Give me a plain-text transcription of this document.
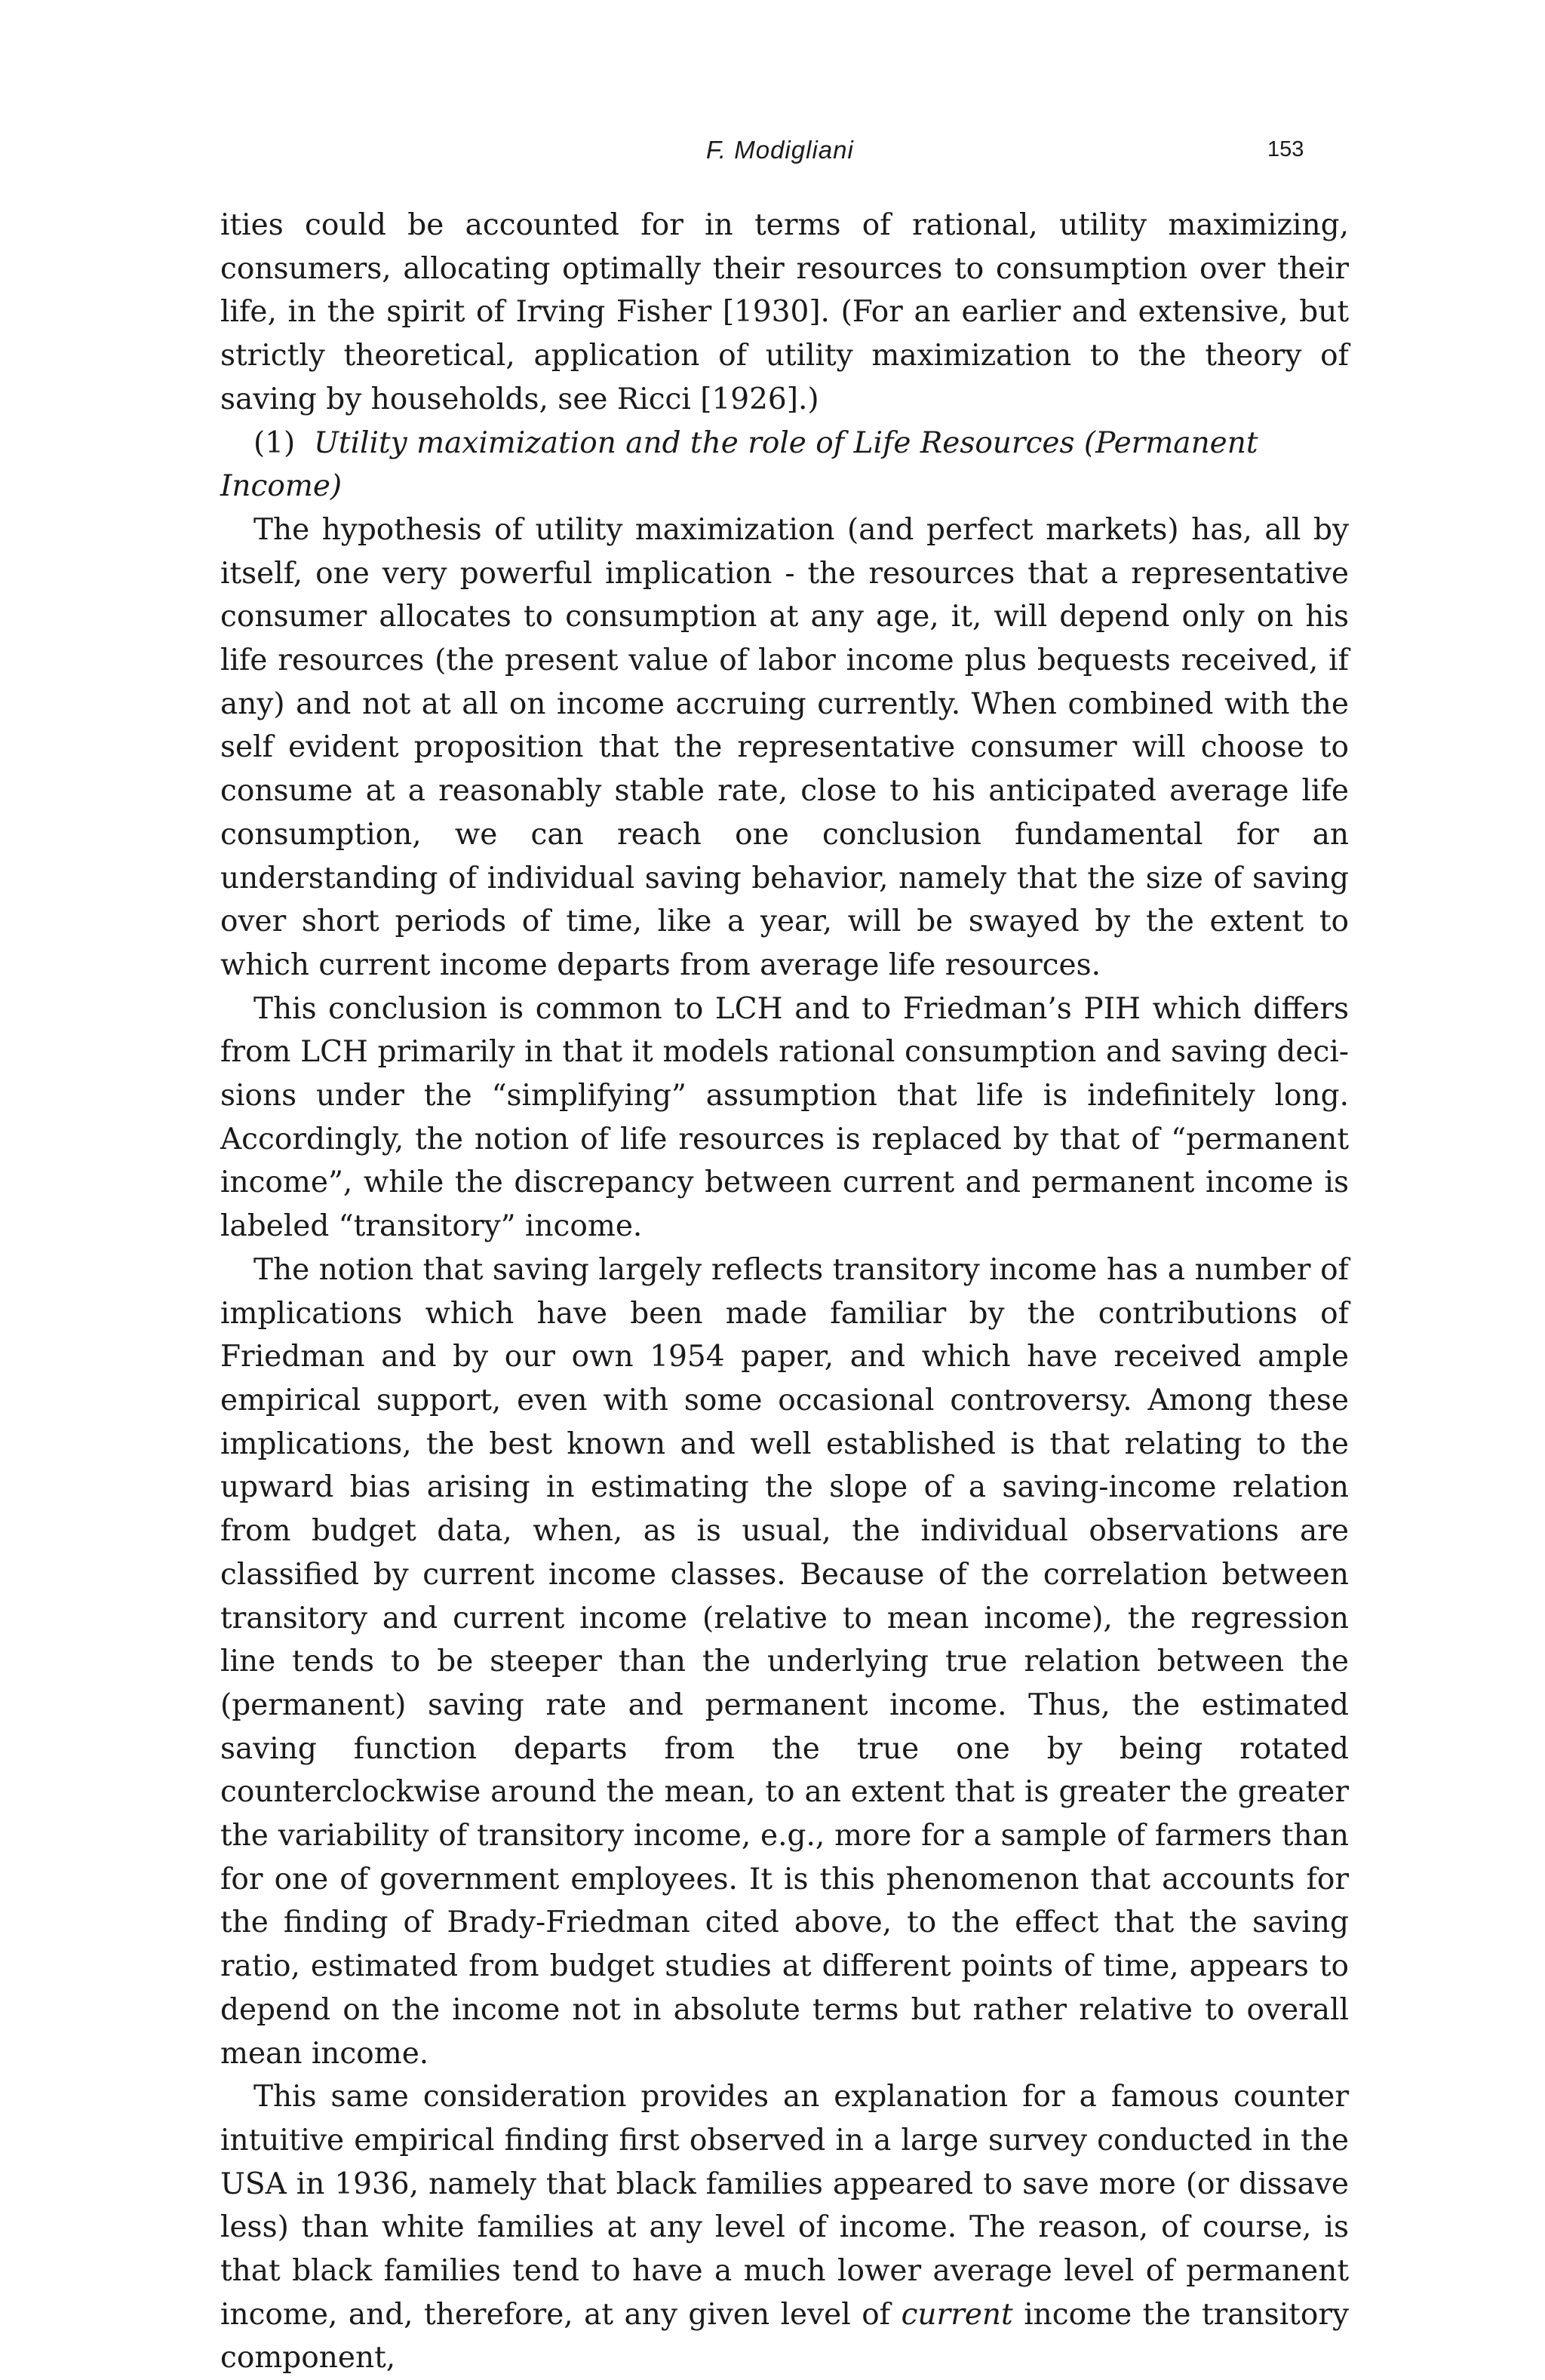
F. Modigliani	153

ities could be accounted for in terms of rational, utility maximizing, consumers, allocating optimally their resources to consumption over their life, in the spirit of Irving Fisher [1930]. (For an earlier and extensive, but strictly theoretical, application of utility maximization to the theory of saving by households, see Ricci [1926].)

(1) Utility maximization and the role of Life Resources (Permanent Income)

The hypothesis of utility maximization (and perfect markets) has, all by itself, one very powerful implication - the resources that a representative consumer allocates to consumption at any age, it, will depend only on his life resources (the present value of labor income plus bequests received, if any) and not at all on income accruing currently. When combined with the self evident proposition that the representative consumer will choose to consume at a reasonably stable rate, close to his anticipated average life consumption, we can reach one conclusion fundamental for an understanding of individual saving behavior, namely that the size of saving over short periods of time, like a year, will be swayed by the extent to which current income departs from average life resources.

This conclusion is common to LCH and to Friedman’s PIH which differs from LCH primarily in that it models rational consumption and saving decisions under the “simplifying” assumption that life is indefinitely long. Accordingly, the notion of life resources is replaced by that of “permanent income”, while the discrepancy between current and permanent income is labeled “transitory” income.

The notion that saving largely reflects transitory income has a number of implications which have been made familiar by the contributions of Friedman and by our own 1954 paper, and which have received ample empirical support, even with some occasional controversy. Among these implications, the best known and well established is that relating to the upward bias arising in estimating the slope of a saving-income relation from budget data, when, as is usual, the individual observations are classified by current income classes. Because of the correlation between transitory and current income (relative to mean income), the regression line tends to be steeper than the underlying true relation between the (permanent) saving rate and permanent income. Thus, the estimated saving function departs from the true one by being rotated counterclockwise around the mean, to an extent that is greater the greater the variability of transitory income, e.g., more for a sample of farmers than for one of government employees. It is this phenomenon that accounts for the finding of Brady-Friedman cited above, to the effect that the saving ratio, estimated from budget studies at different points of time, appears to depend on the income not in absolute terms but rather relative to overall mean income.

This same consideration provides an explanation for a famous counter intuitive empirical finding first observed in a large survey conducted in the USA in 1936, namely that black families appeared to save more (or dissave less) than white families at any level of income. The reason, of course, is that black families tend to have a much lower average level of permanent income, and, therefore, at any given level of current income the transitory component,
